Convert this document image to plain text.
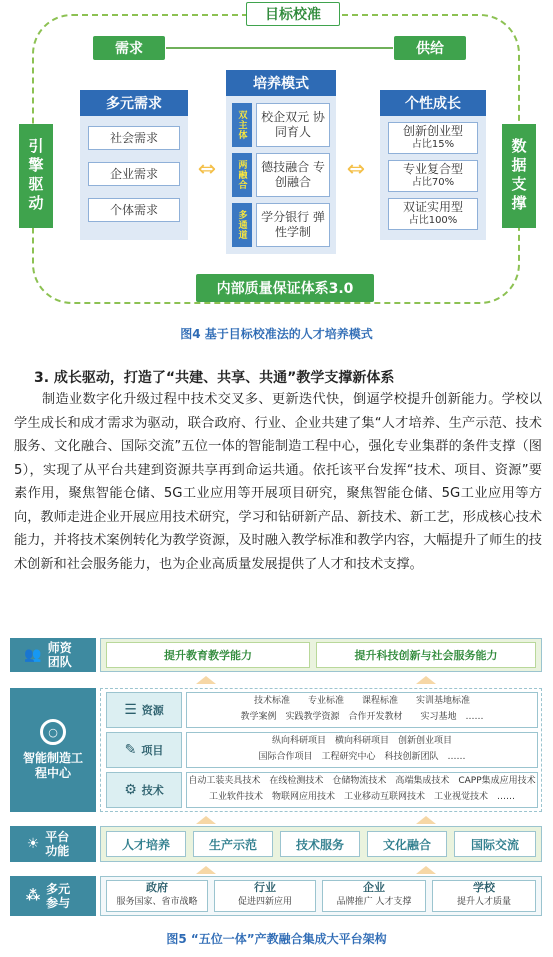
目标校准
需求	供给
引擎驱动	数据支撑
多元需求
社会需求
企业需求
个体需求
培养模式
双主体	校企双元 协同育人
两融合	德技融合 专创融合
多通道	学分银行 弹性学制
⇔	⇔
个性成长
创新创业型
占比15%
专业复合型
占比70%
双证实用型
占比100%
内部质量保证体系3.0
图4 基于目标校准法的人才培养模式
3. 成长驱动，打造了“共建、共享、共通”教学支撑新体系
制造业数字化升级过程中技术交叉多、更新迭代快，倒逼学校提升创新能力。学校以学生成长和成才需求为驱动，联合政府、行业、企业共建了集“人才培养、生产示范、技术服务、文化融合、国际交流”五位一体的智能制造工程中心，强化专业集群的条件支撑（图5），实现了从平台共建到资源共享再到命运共通。依托该平台发挥“技术、项目、资源”要素作用，聚焦智能仓储、5G工业应用等开展项目研究，聚焦智能仓储、5G工业应用等方向，教师走进企业开展应用技术研究，学习和钻研新产品、新技术、新工艺，形成核心技术能力，并将技术案例转化为教学资源，及时融入教学标准和教学内容，大幅提升了师生的技术创新和社会服务能力，也为企业高质量发展提供了人才和技术支撑。
👥 师资团队	提升教育教学能力	提升科技创新与社会服务能力
○
智能制造工程中心
☰ 资源
技术标准　　专业标准　　课程标准　　实训基地标准
教学案例　实践教学资源　合作开发教材　　实习基地　……
✎ 项目
纵向科研项目　横向科研项目　创新创业项目
国际合作项目　工程研究中心　科技创新团队　……
⚙ 技术
自动工装夹具技术　在线检测技术　仓储物流技术　高端集成技术　CAPP集成应用技术
工业软件技术　物联网应用技术　工业移动互联网技术　工业视觉技术　……
☀ 平台功能	人才培养	生产示范	技术服务	文化融合	国际交流
⁂ 多元参与
政府
服务国家、省市战略
行业
促进四新应用
企业
品牌推广 人才支撑
学校
提升人才质量
图5 “五位一体”产教融合集成大平台架构
